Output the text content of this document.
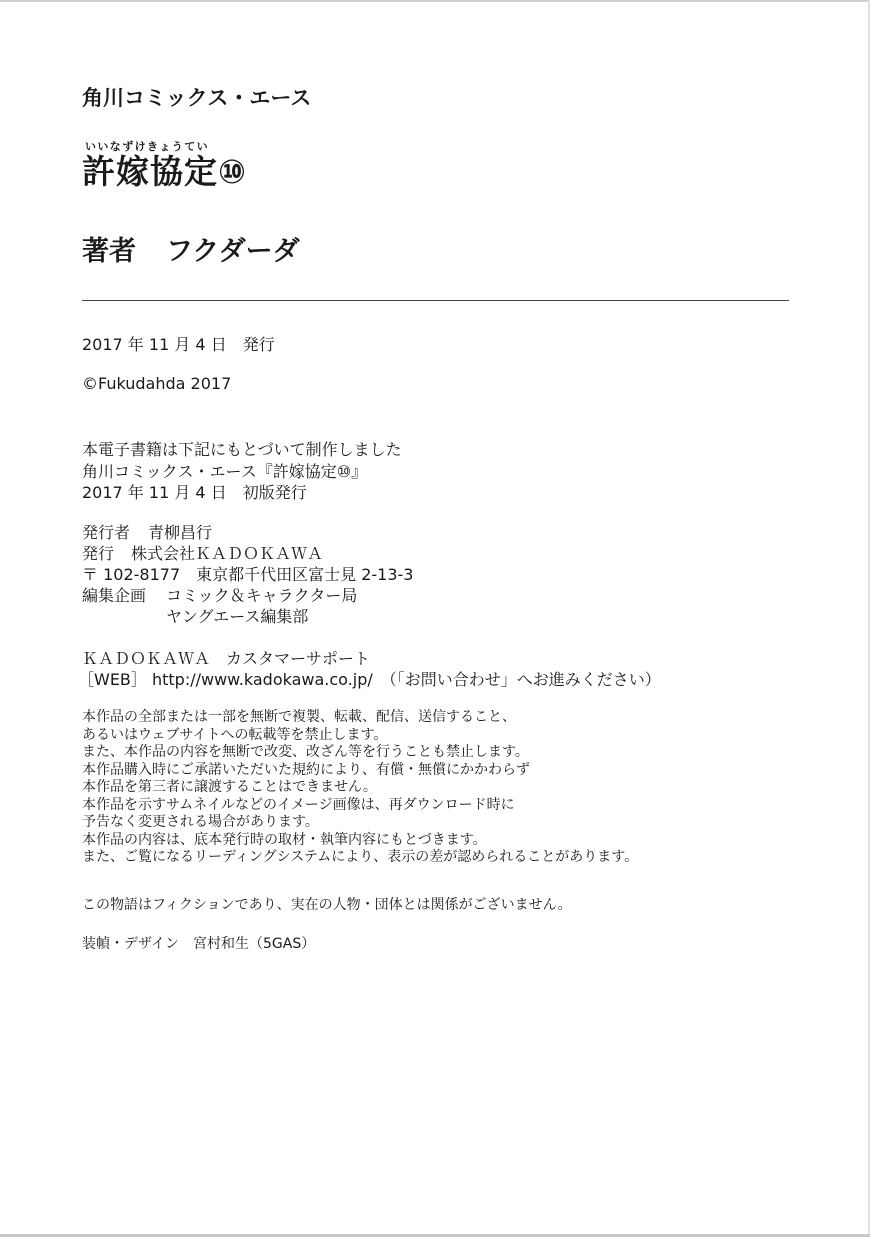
角川コミックス・エース
いいなずけきょうてい
許嫁協定⑩
著者 フクダーダ
2017 年 11 月 4 日　発行
©Fukudahda 2017
本電子書籍は下記にもとづいて制作しました
角川コミックス・エース『許嫁協定⑩』
2017 年 11 月 4 日　初版発行
発行者 青柳昌行
発行 株式会社ＫＡＤＯＫＡＷＡ
〒 102-8177　東京都千代田区富士見 2-13-3
編集企画 コミック＆キャラクター局
ヤングエース編集部
ＫＡＤＯＫＡＷＡ　カスタマーサポート
［WEB］ http://www.kadokawa.co.jp/　（「お問い合わせ」へお進みください）
本作品の全部または一部を無断で複製、転載、配信、送信すること、
あるいはウェブサイトへの転載等を禁止します。
また、本作品の内容を無断で改変、改ざん等を行うことも禁止します。
本作品購入時にご承諾いただいた規約により、有償・無償にかかわらず
本作品を第三者に譲渡することはできません。
本作品を示すサムネイルなどのイメージ画像は、再ダウンロード時に
予告なく変更される場合があります。
本作品の内容は、底本発行時の取材・執筆内容にもとづきます。
また、ご覧になるリーディングシステムにより、表示の差が認められることがあります。
この物語はフィクションであり、実在の人物・団体とは関係がございません。
装幀・デザイン　宮村和生（5GAS）
